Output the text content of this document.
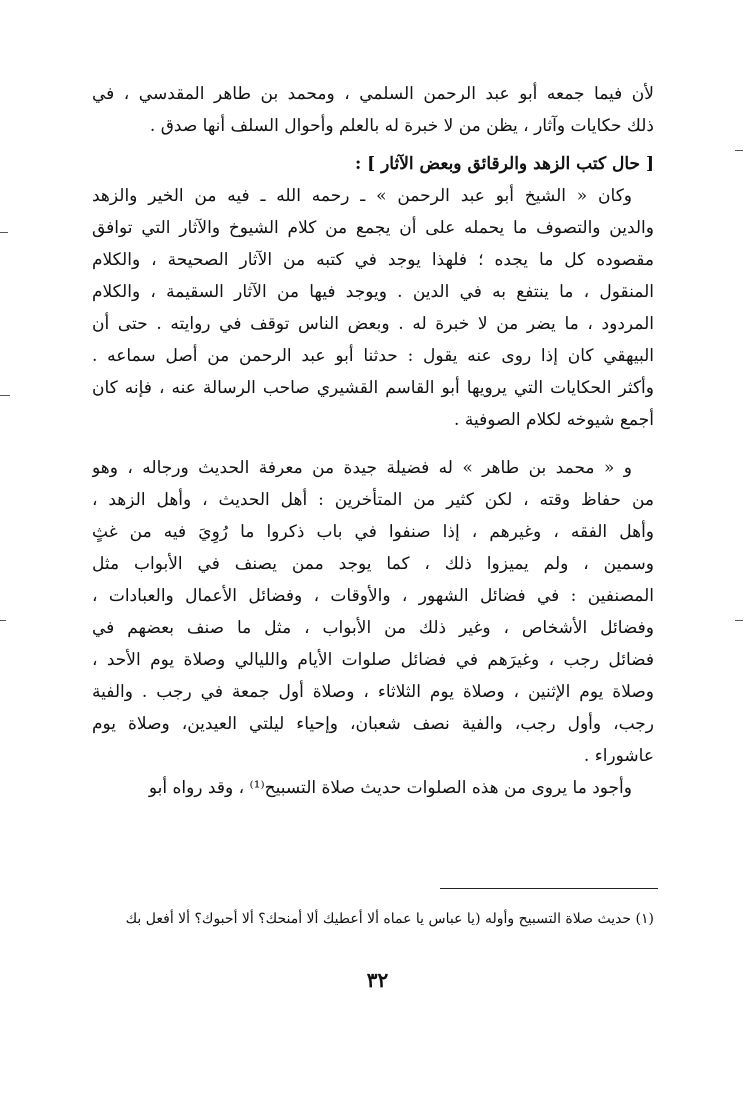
لأن فيما جمعه أبو عبد الرحمن السلمي ، ومحمد بن طاهر المقدسي ، في
ذلك حكايات وآثار ، يظن من لا خبرة له بالعلم وأحوال السلف أنها صدق .
[ حال كتب الزهد والرقائق وبعض الآثار ] :
وكان « الشيخ أبو عبد الرحمن » ـ رحمه الله ـ فيه من الخير والزهد
والدين والتصوف ما يحمله على أن يجمع من كلام الشيوخ والآثار التي توافق
مقصوده كل ما يجده ؛ فلهذا يوجد في كتبه من الآثار الصحيحة ، والكلام
المنقول ، ما ينتفع به في الدين . ويوجد فيها من الآثار السقيمة ، والكلام
المردود ، ما يضر من لا خبرة له . وبعض الناس توقف في روايته . حتى أن
البيهقي كان إذا روى عنه يقول : حدثنا أبو عبد الرحمن من أصل سماعه .
وأكثر الحكايات التي يرويها أبو القاسم القشيري صاحب الرسالة عنه ، فإنه كان
أجمع شيوخه لكلام الصوفية .
و « محمد بن طاهر » له فضيلة جيدة من معرفة الحديث ورجاله ، وهو
من حفاظ وقته ، لكن كثير من المتأخرين : أهل الحديث ، وأهل الزهد ،
وأهل الفقه ، وغيرهم ، إذا صنفوا في باب ذكروا ما رُوِيَ فيه من غثٍ
وسمين ، ولم يميزوا ذلك ، كما يوجد ممن يصنف في الأبواب مثل
المصنفين : في فضائل الشهور ، والأوقات ، وفضائل الأعمال والعبادات ،
وفضائل الأشخاص ، وغير ذلك من الأبواب ، مثل ما صنف بعضهم في
فضائل رجب ، وغيرَهم في فضائل صلوات الأيام والليالي وصلاة يوم الأحد ،
وصلاة يوم الإثنين ، وصلاة يوم الثلاثاء ، وصلاة أول جمعة في رجب . والفية
رجب، وأول رجب، والفية نصف شعبان، وإحياء ليلتي العيدين، وصلاة يوم
عاشوراء .
وأجود ما يروى من هذه الصلوات حديث صلاة التسبيح⁽¹⁾ ، وقد رواه أبو
(١) حديث صلاة التسبيح وأوله (يا عباس يا عماه ألا أعطيك ألا أمنحك؟ ألا أحبوك؟ ألا أفعل بك
٣٢
